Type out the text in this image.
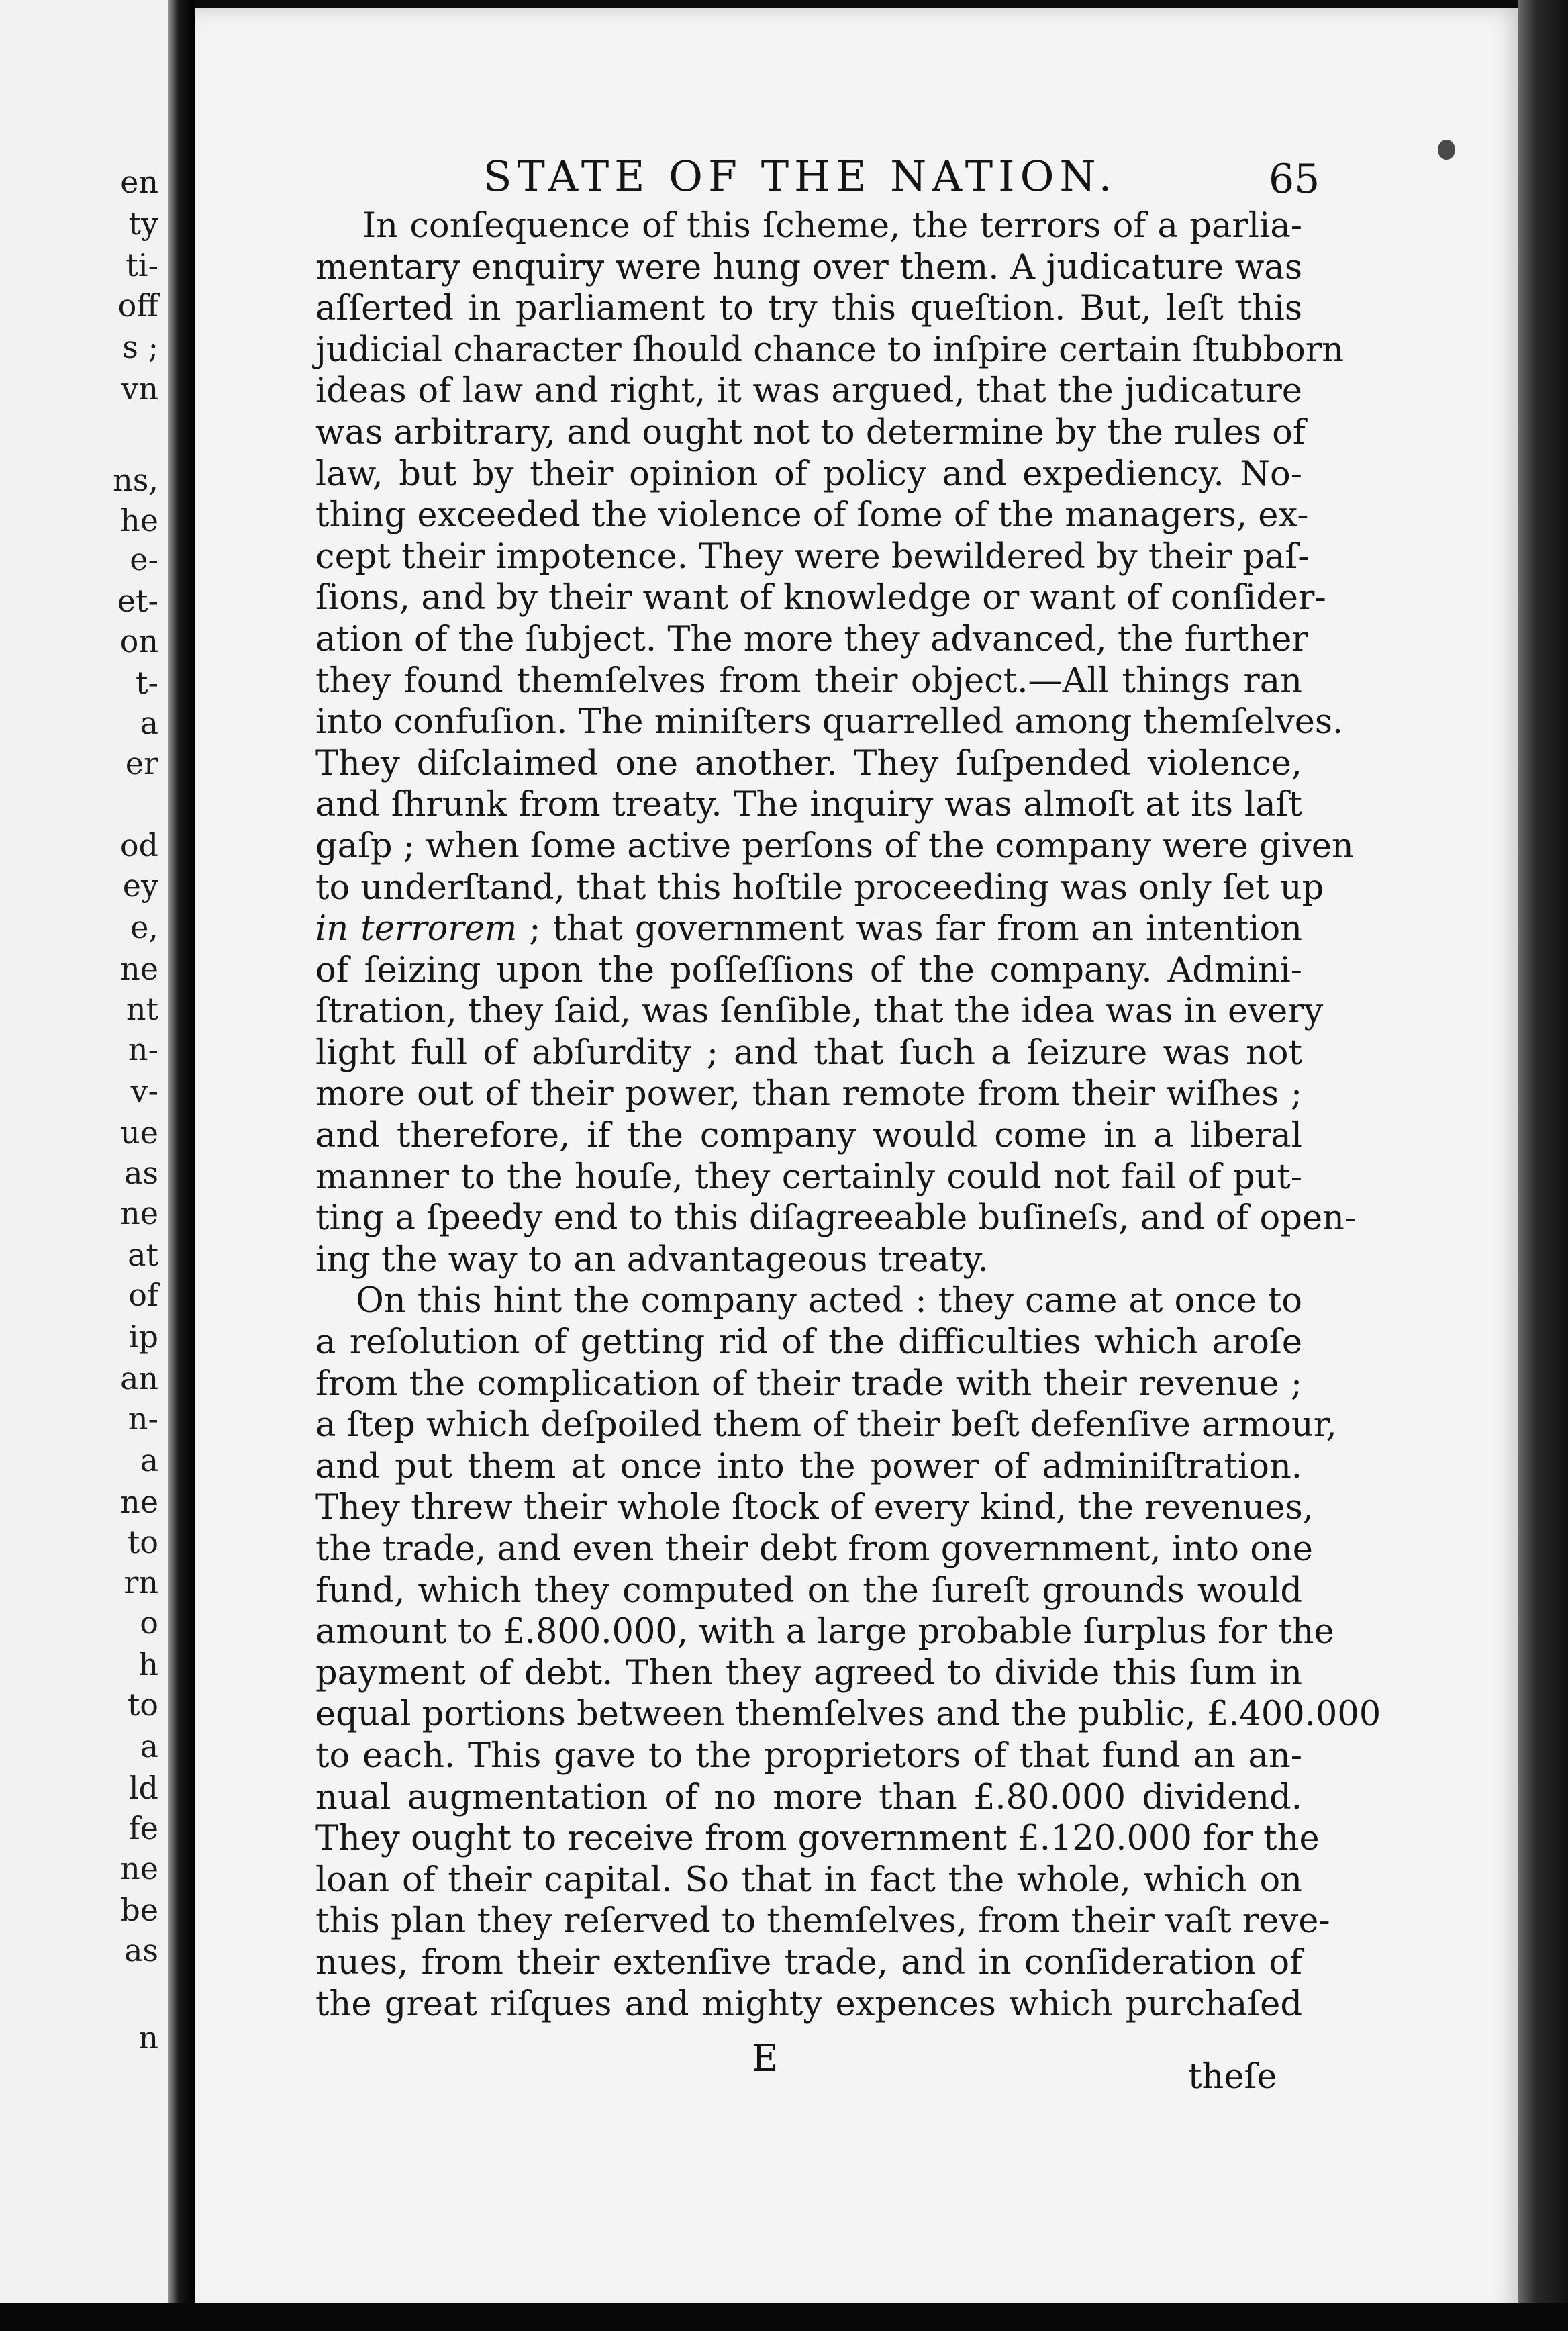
en
ty
ti-
off
s ;
vn
ns,
he
e-
et-
on
t-
a
er
od
ey
e,
ne
nt
n-
v-
ue
as
ne
at
of
ip
an
n-
a
ne
to
rn
o
h
to
a
ld
fe
ne
be
as
n
STATE OF THE NATION.	65
In conſequence of this ſcheme, the terrors of a parlia-
mentary enquiry were hung over them. A judicature was
aſſerted in parliament to try this queſtion. But, leſt this
judicial character ſhould chance to inſpire certain ſtubborn
ideas of law and right, it was argued, that the judicature
was arbitrary, and ought not to determine by the rules of
law, but by their opinion of policy and expediency. No-
thing exceeded the violence of ſome of the managers, ex-
cept their impotence. They were bewildered by their paſ-
ſions, and by their want of knowledge or want of conſider-
ation of the ſubject. The more they advanced, the further
they found themſelves from their object.—All things ran
into confuſion. The miniſters quarrelled among themſelves.
They diſclaimed one another. They ſuſpended violence,
and ſhrunk from treaty. The inquiry was almoſt at its laſt
gaſp ; when ſome active perſons of the company were given
to underſtand, that this hoſtile proceeding was only ſet up
in terrorem ; that government was far from an intention
of ſeizing upon the poſſeſſions of the company. Admini-
ſtration, they ſaid, was ſenſible, that the idea was in every
light full of abſurdity ; and that ſuch a ſeizure was not
more out of their power, than remote from their wiſhes ;
and therefore, if the company would come in a liberal
manner to the houſe, they certainly could not fail of put-
ting a ſpeedy end to this diſagreeable buſineſs, and of open-
ing the way to an advantageous treaty.
On this hint the company acted : they came at once to
a reſolution of getting rid of the difficulties which aroſe
from the complication of their trade with their revenue ;
a ſtep which deſpoiled them of their beſt defenſive armour,
and put them at once into the power of adminiſtration.
They threw their whole ſtock of every kind, the revenues,
the trade, and even their debt from government, into one
fund, which they computed on the ſureſt grounds would
amount to £.800.000, with a large probable ſurplus for the
payment of debt. Then they agreed to divide this ſum in
equal portions between themſelves and the public, £.400.000
to each. This gave to the proprietors of that fund an an-
nual augmentation of no more than £.80.000 dividend.
They ought to receive from government £.120.000 for the
loan of their capital. So that in fact the whole, which on
this plan they reſerved to themſelves, from their vaſt reve-
nues, from their extenſive trade, and in conſideration of
the great riſques and mighty expences which purchaſed
E	theſe
